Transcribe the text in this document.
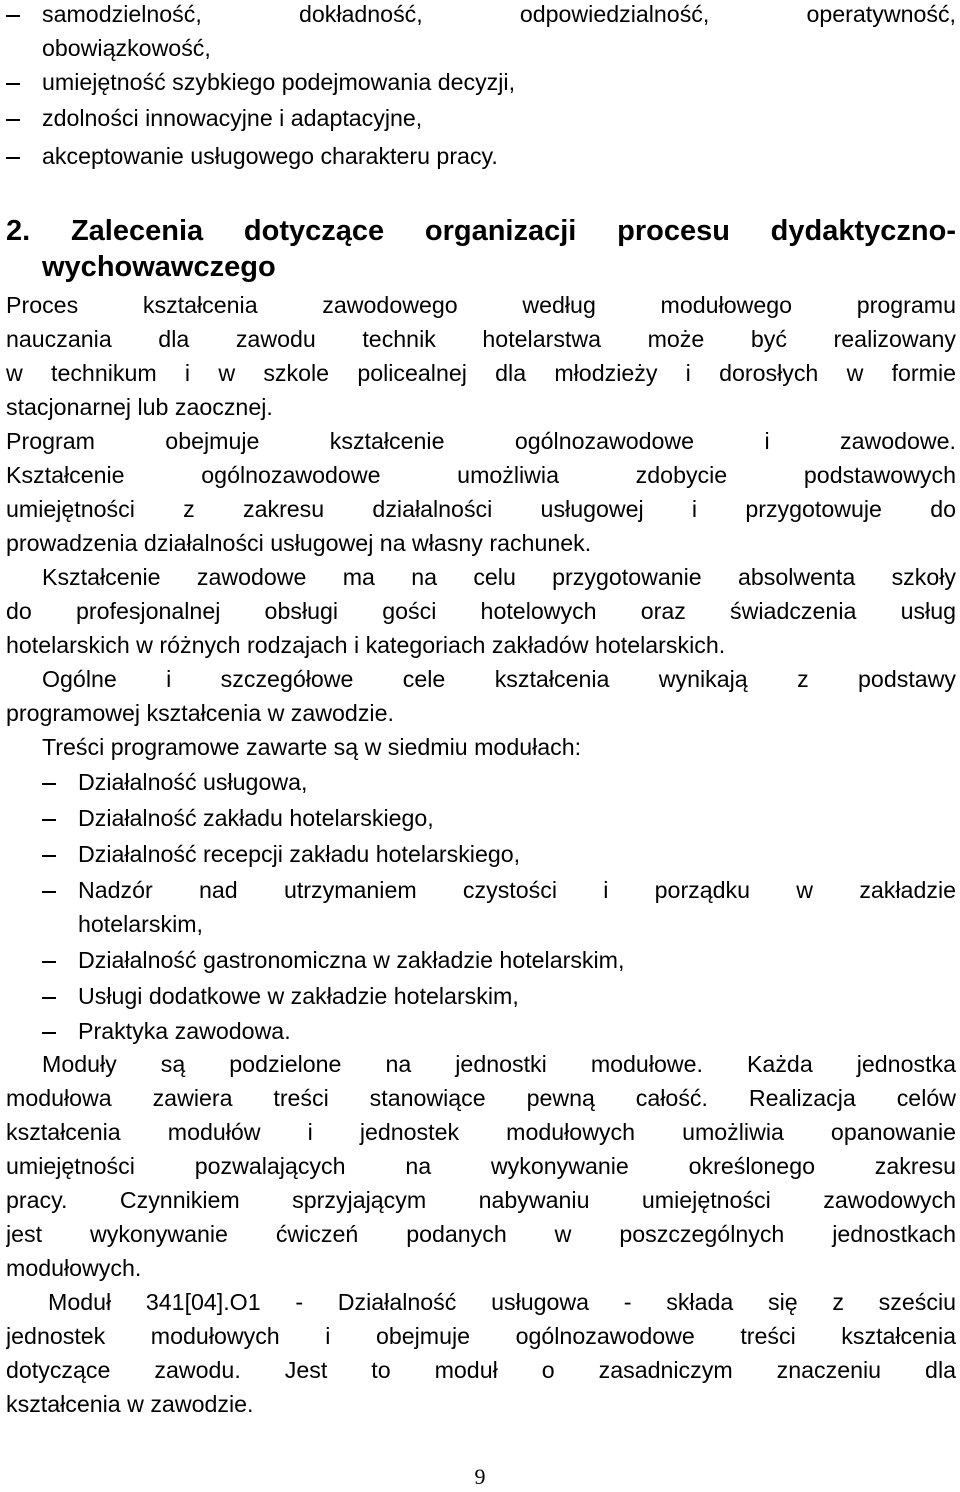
samodzielność, dokładność, odpowiedzialność, operatywność,
obowiązkowość,
umiejętność szybkiego podejmowania decyzji,
zdolności innowacyjne i adaptacyjne,
akceptowanie usługowego charakteru pracy.
2. Zalecenia dotyczące organizacji procesu dydaktyczno-
wychowawczego
Proces kształcenia zawodowego według modułowego programu
nauczania dla zawodu technik hotelarstwa może być realizowany
w technikum i w szkole policealnej dla młodzieży i dorosłych w formie
stacjonarnej lub zaocznej.
Program obejmuje kształcenie ogólnozawodowe i zawodowe.
Kształcenie ogólnozawodowe umożliwia zdobycie podstawowych
umiejętności z zakresu działalności usługowej i przygotowuje do
prowadzenia działalności usługowej na własny rachunek.
Kształcenie zawodowe ma na celu przygotowanie absolwenta szkoły
do profesjonalnej obsługi gości hotelowych oraz świadczenia usług
hotelarskich w różnych rodzajach i kategoriach zakładów hotelarskich.
Ogólne i szczegółowe cele kształcenia wynikają z podstawy
programowej kształcenia w zawodzie.
Treści programowe zawarte są w siedmiu modułach:
Działalność usługowa,
Działalność zakładu hotelarskiego,
Działalność recepcji zakładu hotelarskiego,
Nadzór nad utrzymaniem czystości i porządku w zakładzie
hotelarskim,
Działalność gastronomiczna w zakładzie hotelarskim,
Usługi dodatkowe w zakładzie hotelarskim,
Praktyka zawodowa.
Moduły są podzielone na jednostki modułowe. Każda jednostka
modułowa zawiera treści stanowiące pewną całość. Realizacja celów
kształcenia modułów i jednostek modułowych umożliwia opanowanie
umiejętności pozwalających na wykonywanie określonego zakresu
pracy. Czynnikiem sprzyjającym nabywaniu umiejętności zawodowych
jest wykonywanie ćwiczeń podanych w poszczególnych jednostkach
modułowych.
Moduł 341[04].O1 - Działalność usługowa - składa się z sześciu
jednostek modułowych i obejmuje ogólnozawodowe treści kształcenia
dotyczące zawodu. Jest to moduł o zasadniczym znaczeniu dla
kształcenia w zawodzie.
9
